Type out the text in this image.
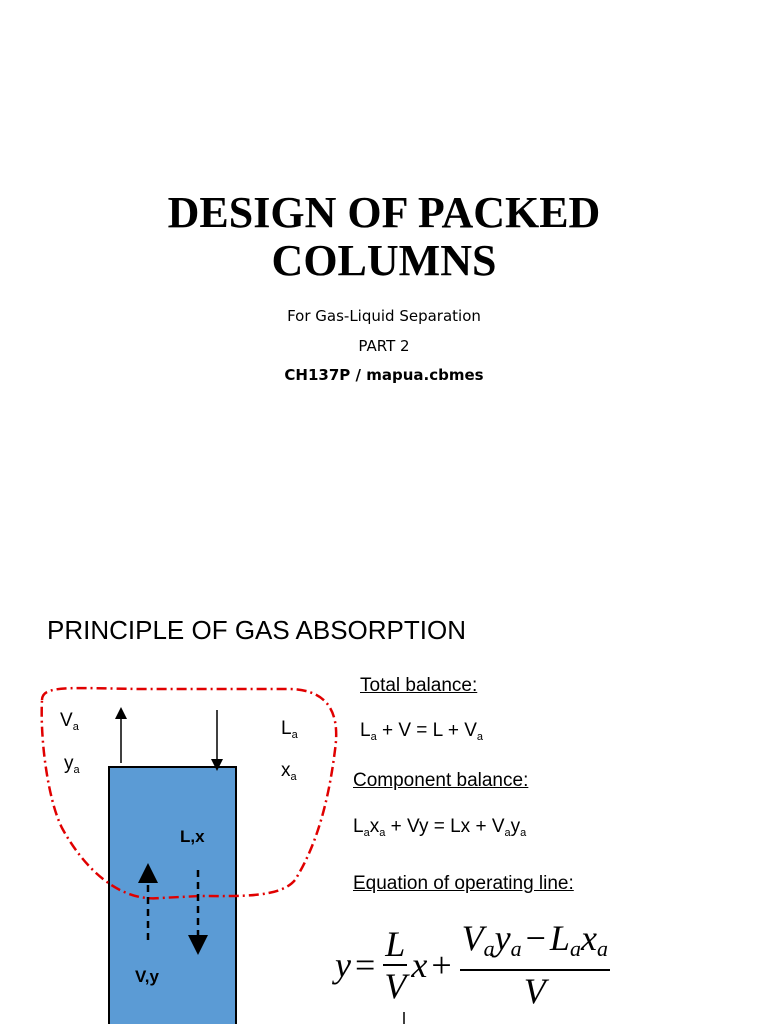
DESIGN OF PACKED
COLUMNS

For Gas-Liquid Separation

PART 2

CH137P / mapua.cbmes

PRINCIPLE OF GAS ABSORPTION

$V_a$
$y_a$
$L_a$
$x_a$
L,x
V,y
Total balance:
$L_a + V = L + V_a$
Component balance:
$L_ax_a + Vy = Lx + V_ay_a$
Equation of operating line:
$y = \frac{L}{V}$ $x + \frac{V_ay_a - L_ax_a}{V}$
